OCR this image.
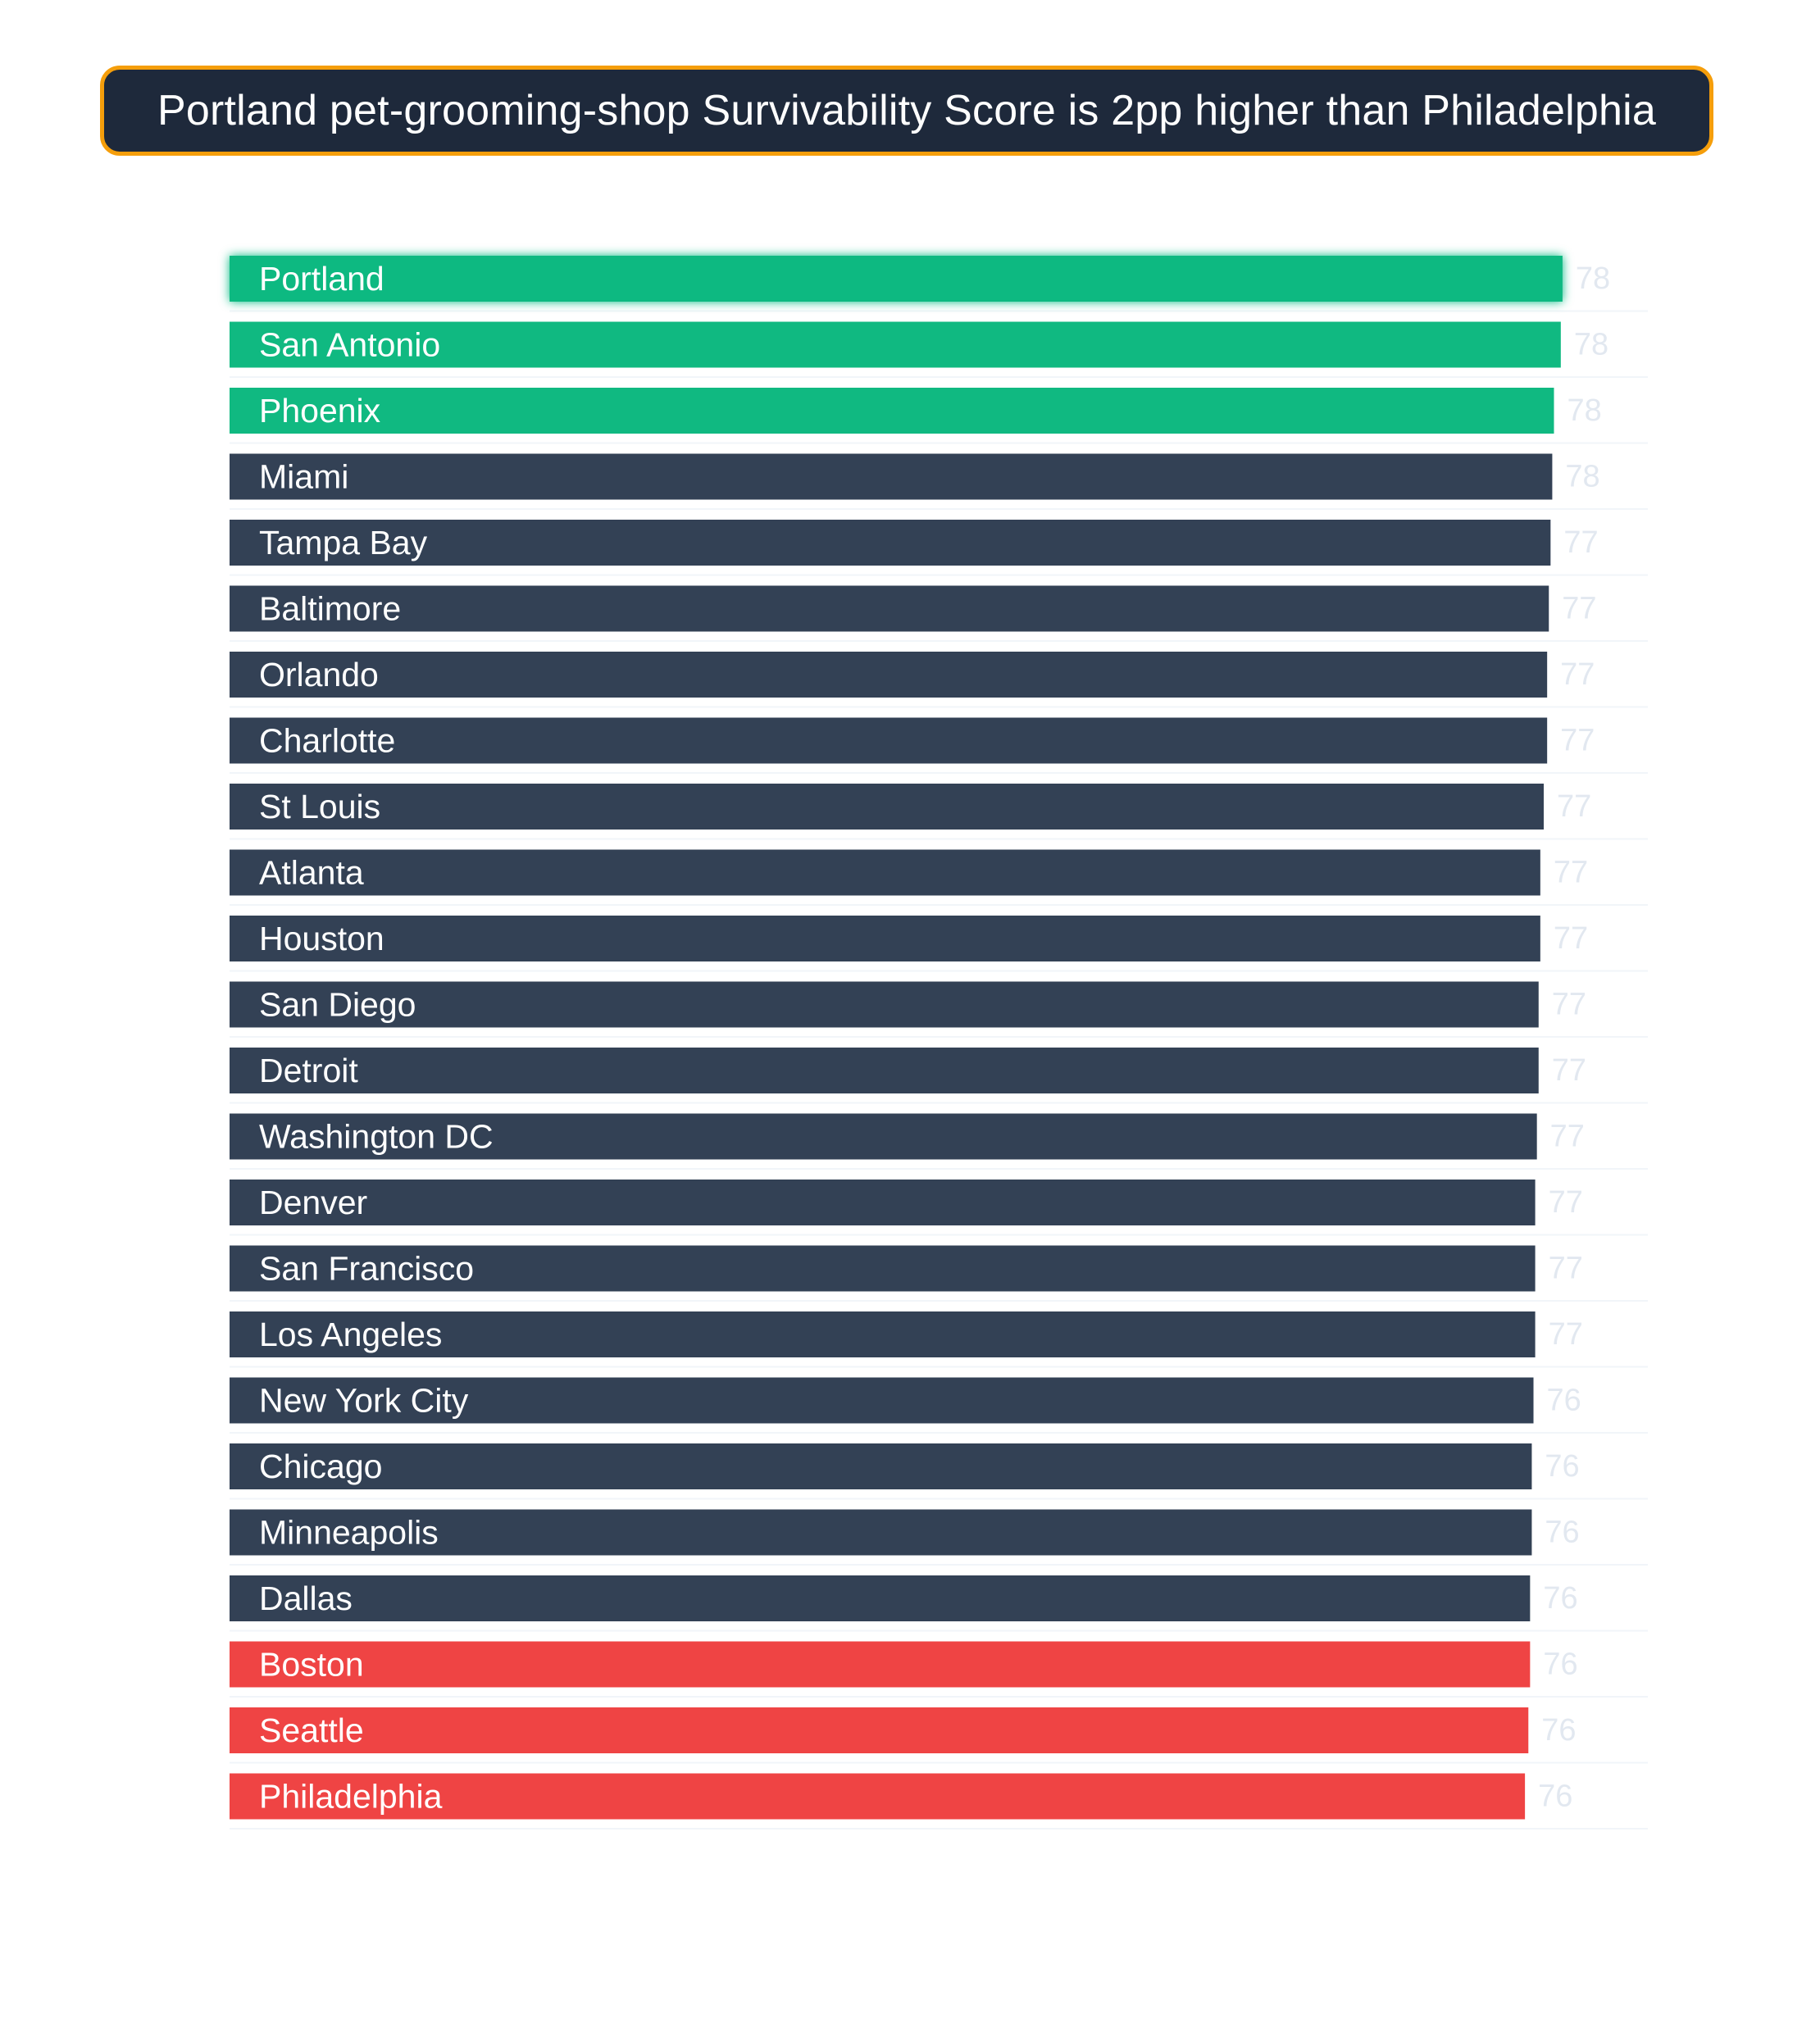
Portland pet-grooming-shop Survivability Score is 2pp higher than Philadelphia
Portland	78
San Antonio	78
Phoenix	78
Miami	78
Tampa Bay	77
Baltimore	77
Orlando	77
Charlotte	77
St Louis	77
Atlanta	77
Houston	77
San Diego	77
Detroit	77
Washington DC	77
Denver	77
San Francisco	77
Los Angeles	77
New York City	76
Chicago	76
Minneapolis	76
Dallas	76
Boston	76
Seattle	76
Philadelphia	76
